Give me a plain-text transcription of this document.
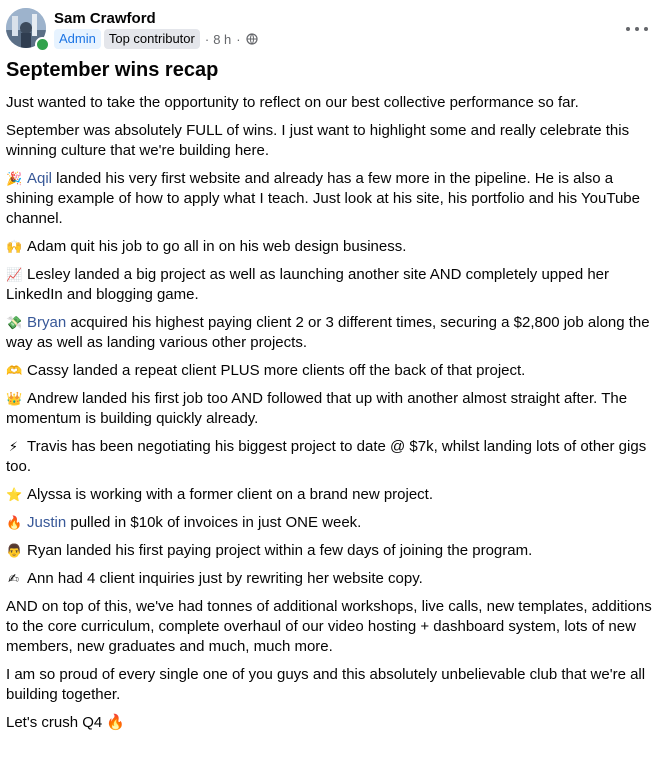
Sam Crawford
Admin	Top contributor · 8 h ·
September wins recap

Just wanted to take the opportunity to reflect on our best collective performance so far.

September was absolutely FULL of wins. I just want to highlight some and really celebrate this winning culture that we're building here.

🎉 Aqil landed his very first website and already has a few more in the pipeline. He is also a shining example of how to apply what I teach. Just look at his site, his portfolio and his YouTube channel.

🙌 Adam quit his job to go all in on his web design business.

📈 Lesley landed a big project as well as launching another site AND completely upped her LinkedIn and blogging game.

💸 Bryan acquired his highest paying client 2 or 3 different times, securing a $2,800 job along the way as well as landing various other projects.

🫶 Cassy landed a repeat client PLUS more clients off the back of that project.

👑 Andrew landed his first job too AND followed that up with another almost straight after. The momentum is building quickly already.

⚡ Travis has been negotiating his biggest project to date @ $7k, whilst landing lots of other gigs too.

⭐ Alyssa is working with a former client on a brand new project.

🔥 Justin pulled in $10k of invoices in just ONE week.

👨 Ryan landed his first paying project within a few days of joining the program.

✍ Ann had 4 client inquiries just by rewriting her website copy.

AND on top of this, we've had tonnes of additional workshops, live calls, new templates, additions to the core curriculum, complete overhaul of our video hosting + dashboard system, lots of new members, new graduates and much, much more.

I am so proud of every single one of you guys and this absolutely unbelievable club that we're all building together.

Let's crush Q4 🔥
